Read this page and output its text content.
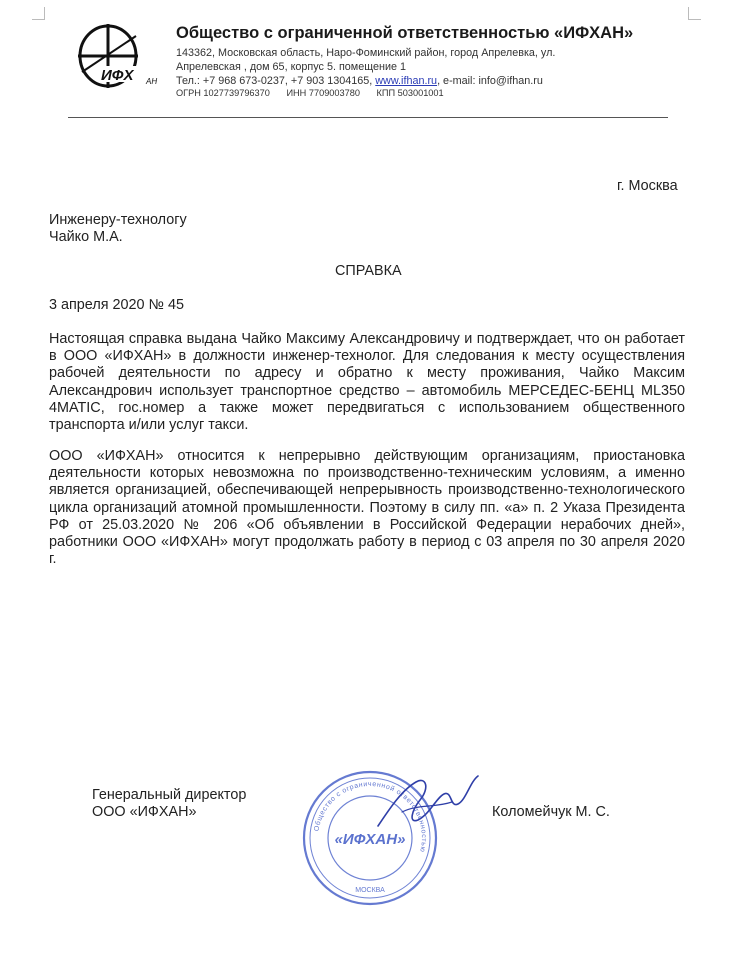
ИФХ АН
Общество с ограниченной ответственностью «ИФХАН»
143362, Московская область, Наро-Фоминский район, город Апрелевка, ул.
Апрелевская , дом 65, корпус 5. помещение 1
Тел.: +7 968 673-0237, +7 903 1304165, www.ifhan.ru, e-mail: info@ifhan.ru
ОГРН 1027739796370 ИНН 7709003780 КПП 503001001
г. Москва
Инженеру-технологу
Чайко М.А.
СПРАВКА
3 апреля 2020 № 45

Настоящая справка выдана Чайко Максиму Александровичу и подтверждает, что он работает в ООО «ИФХАН» в должности инженер-технолог. Для следования к месту осуществления рабочей деятельности по адресу и обратно к месту проживания, Чайко Максим Александрович использует транспортное средство – автомобиль МЕРСЕДЕС-БЕНЦ ML350 4MATIC, гос.номер а также может передвигаться с использованием общественного транспорта и/или услуг такси.

ООО «ИФХАН» относится к непрерывно действующим организациям, приостановка деятельности которых невозможна по производственно-техническим условиям, а именно является организацией, обеспечивающей непрерывность производственно-технологического цикла организаций атомной промышленности. Поэтому в силу пп. «а» п. 2 Указа Президента РФ от 25.03.2020 № 206 «Об объявлении в Российской Федерации нерабочих дней», работники ООО «ИФХАН» могут продолжать работу в период с 03 апреля по 30 апреля 2020 г.

Генеральный директор
ООО «ИФХАН»	Коломейчук М. С.
Общество с ограниченной ответственностью
«ИФХАН»
МОСКВА
